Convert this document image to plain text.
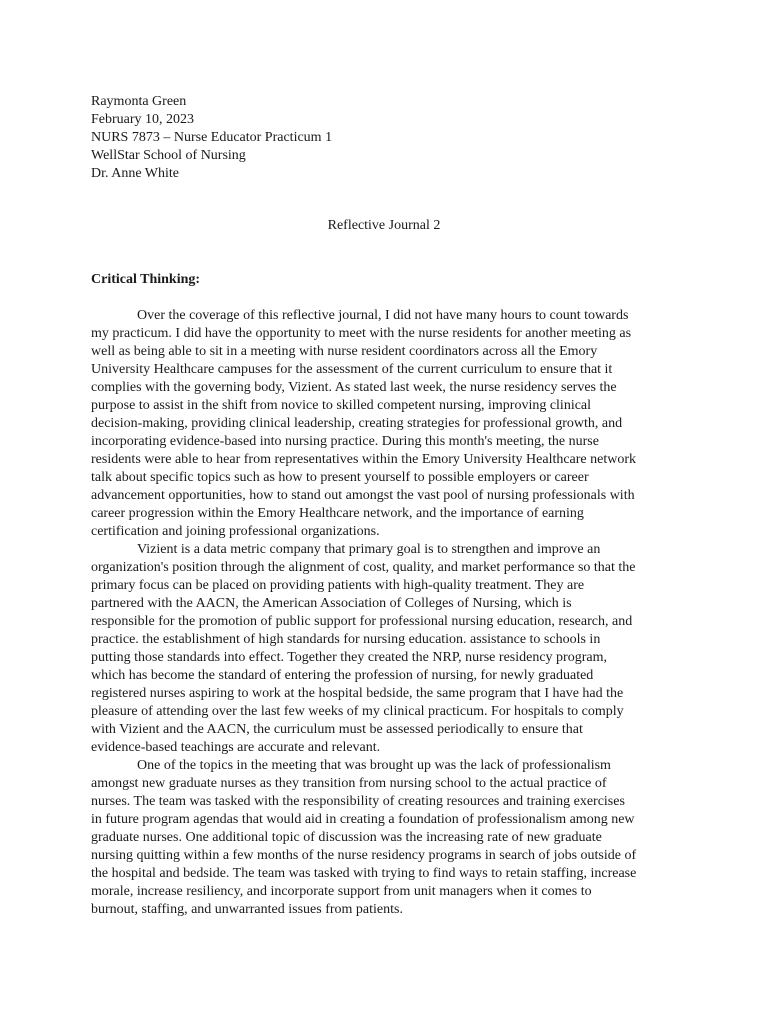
Raymonta Green
February 10, 2023
NURS 7873 – Nurse Educator Practicum 1
WellStar School of Nursing
Dr. Anne White
Reflective Journal 2
Critical Thinking:
Over the coverage of this reflective journal, I did not have many hours to count towards
my practicum. I did have the opportunity to meet with the nurse residents for another meeting as
well as being able to sit in a meeting with nurse resident coordinators across all the Emory
University Healthcare campuses for the assessment of the current curriculum to ensure that it
complies with the governing body, Vizient. As stated last week, the nurse residency serves the
purpose to assist in the shift from novice to skilled competent nursing, improving clinical
decision-making, providing clinical leadership, creating strategies for professional growth, and
incorporating evidence-based into nursing practice. During this month's meeting, the nurse
residents were able to hear from representatives within the Emory University Healthcare network
talk about specific topics such as how to present yourself to possible employers or career
advancement opportunities, how to stand out amongst the vast pool of nursing professionals with
career progression within the Emory Healthcare network, and the importance of earning
certification and joining professional organizations.
Vizient is a data metric company that primary goal is to strengthen and improve an
organization's position through the alignment of cost, quality, and market performance so that the
primary focus can be placed on providing patients with high-quality treatment. They are
partnered with the AACN, the American Association of Colleges of Nursing, which is
responsible for the promotion of public support for professional nursing education, research, and
practice. the establishment of high standards for nursing education. assistance to schools in
putting those standards into effect. Together they created the NRP, nurse residency program,
which has become the standard of entering the profession of nursing, for newly graduated
registered nurses aspiring to work at the hospital bedside, the same program that I have had the
pleasure of attending over the last few weeks of my clinical practicum. For hospitals to comply
with Vizient and the AACN, the curriculum must be assessed periodically to ensure that
evidence-based teachings are accurate and relevant.
One of the topics in the meeting that was brought up was the lack of professionalism
amongst new graduate nurses as they transition from nursing school to the actual practice of
nurses. The team was tasked with the responsibility of creating resources and training exercises
in future program agendas that would aid in creating a foundation of professionalism among new
graduate nurses. One additional topic of discussion was the increasing rate of new graduate
nursing quitting within a few months of the nurse residency programs in search of jobs outside of
the hospital and bedside. The team was tasked with trying to find ways to retain staffing, increase
morale, increase resiliency, and incorporate support from unit managers when it comes to
burnout, staffing, and unwarranted issues from patients.
